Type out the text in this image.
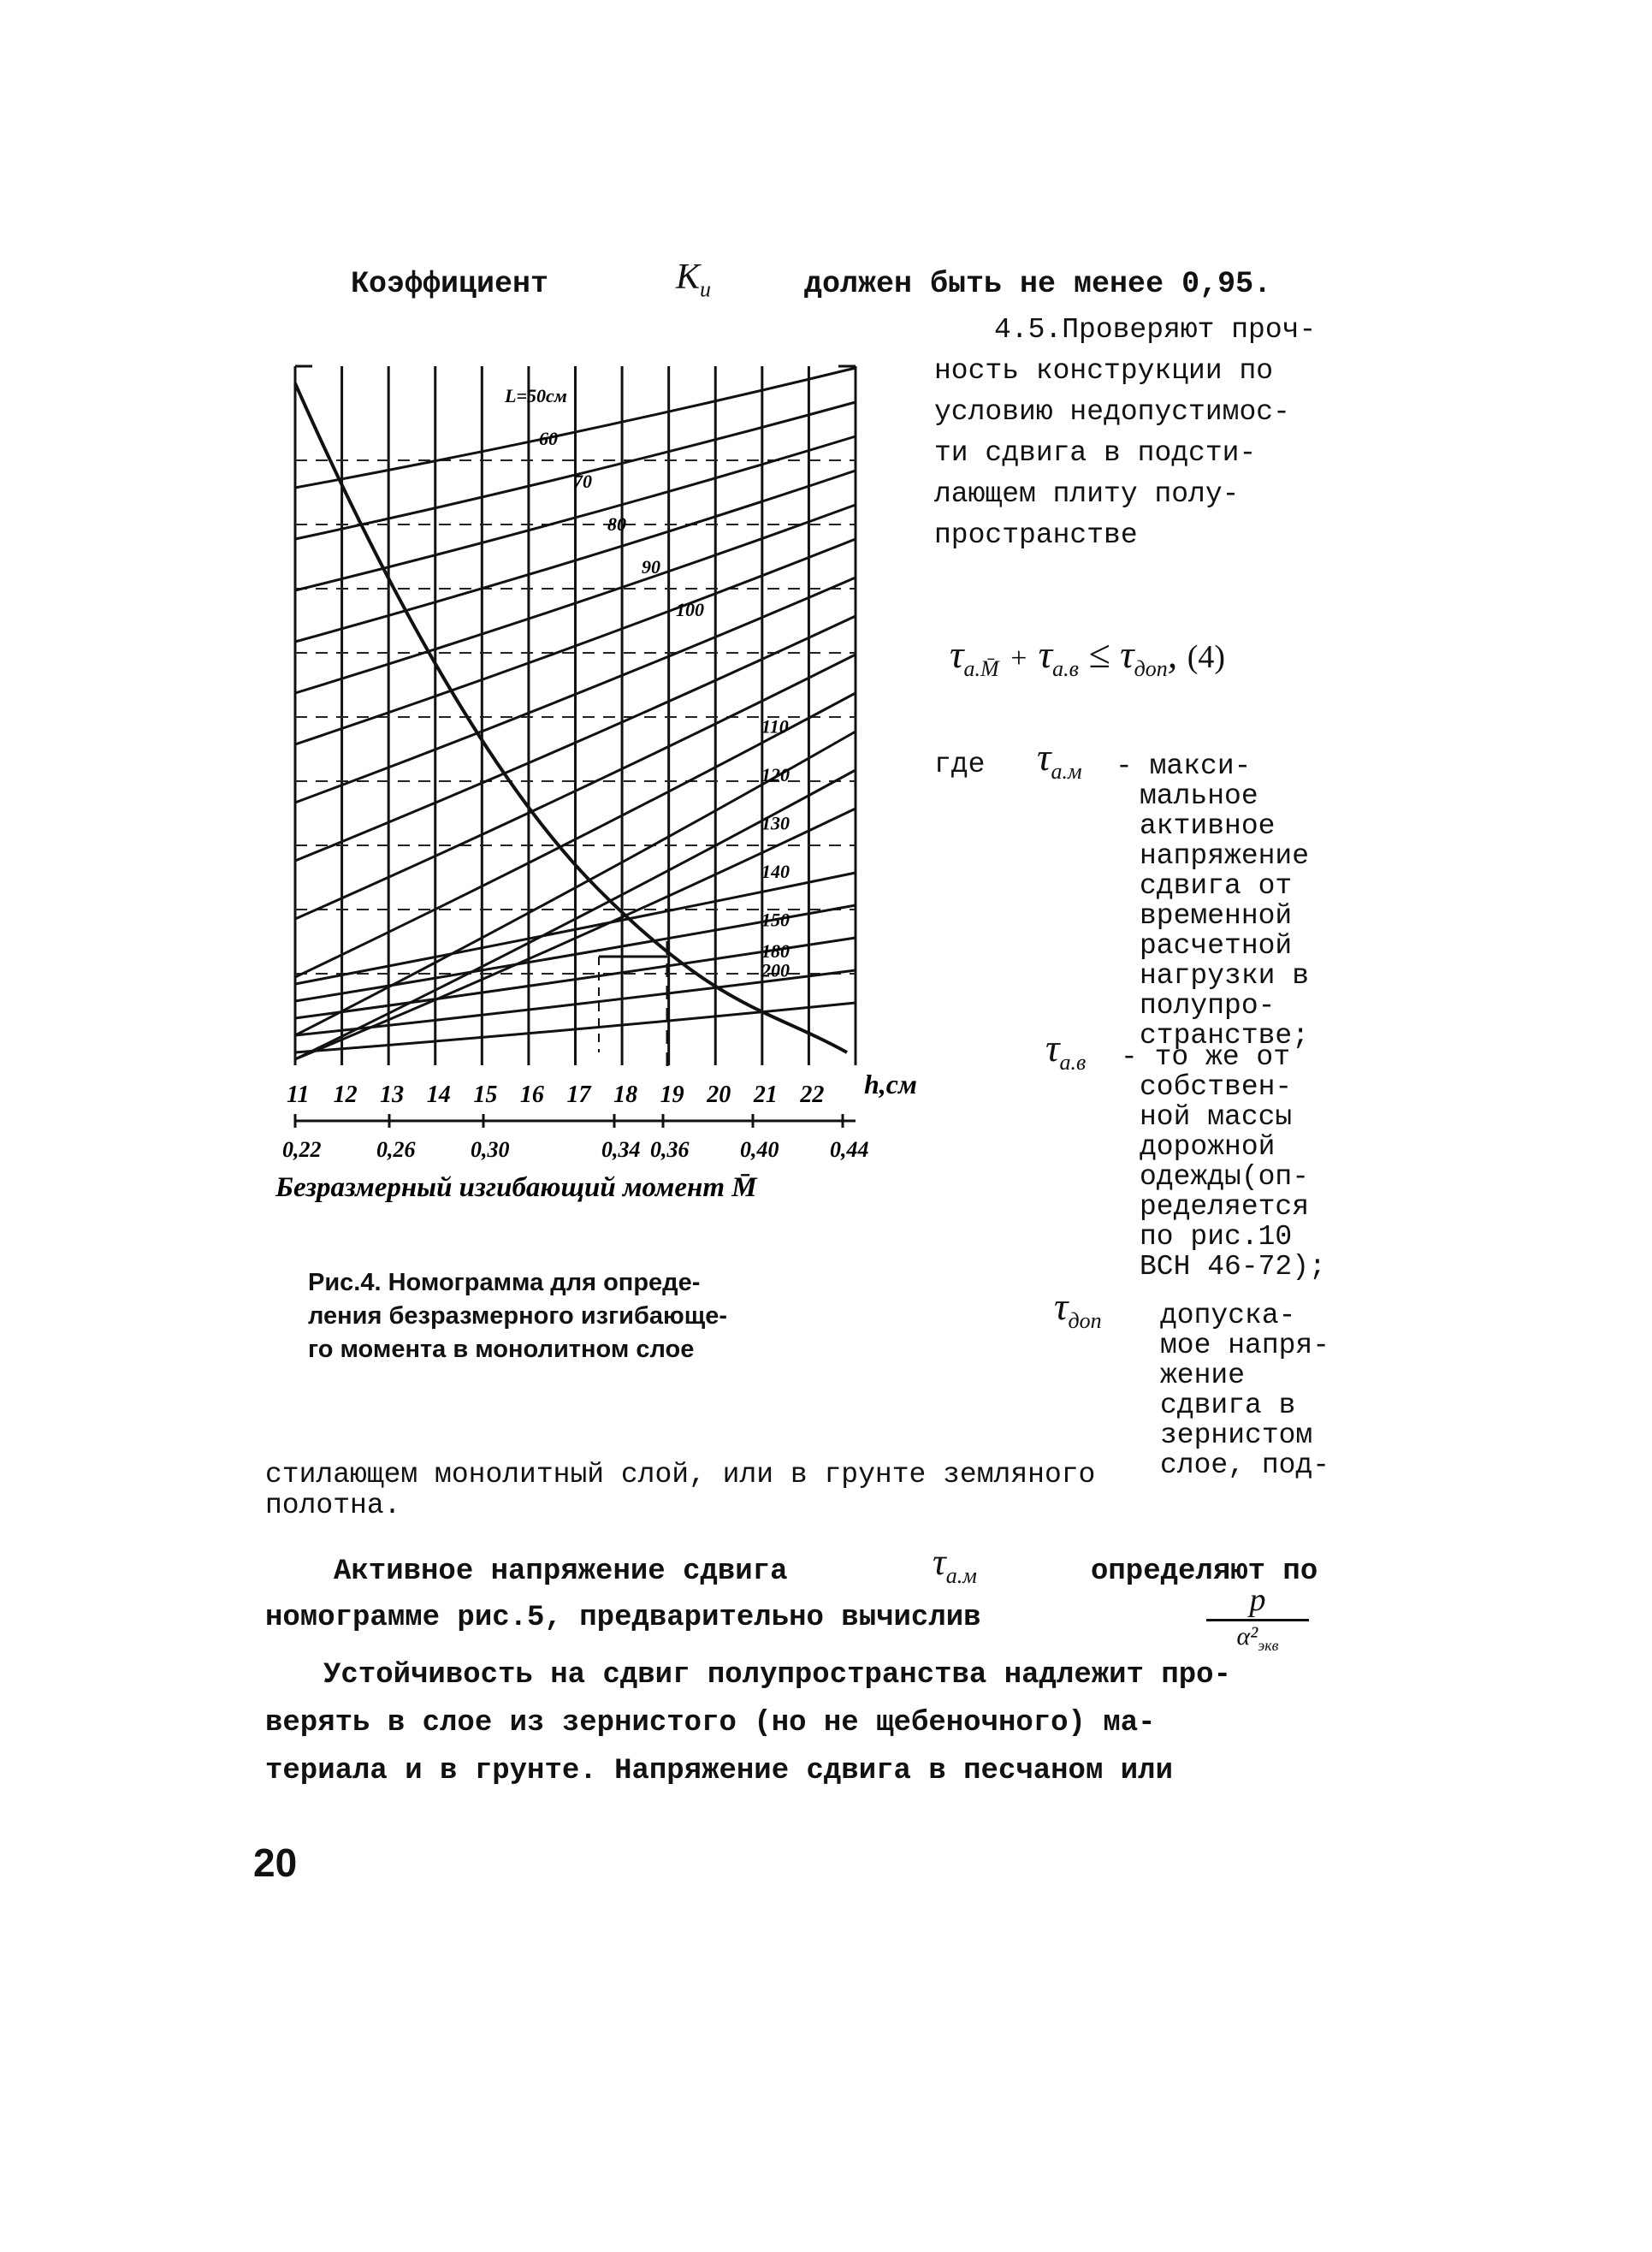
Коэффициент	$K_u$	должен быть не менее 0,95.
4.5.Проверяют проч-
ность конструкции по
условию недопустимос-
ти сдвига в подсти-
лающем плиту полу-
пространстве
$\tau_{a.M̄} + \tau_{a.в} \le \tau_{доп}$, (4)
где $\tau_{a.м}$ - макси-
мальное
активное
напряжение
сдвига от
временной
расчетной
нагрузки в
полупро-
странстве;
$\tau_{a.в}$ - то же от
собствен-
ной массы
дорожной
одежды(оп-
ределяется
по рис.10
ВСН 46-72);
$\tau_{доп}$ допуска-
мое напря-
жение
сдвига в
зернистом
слое, под-
стилающем монолитный слой, или в грунте земляного
полотна.
Активное напряжение сдвига	$\tau_{a.м}$	определяют по
номограмме рис.5, предварительно вычислив	p
$\alpha^2_{экв}$
Устойчивость на сдвиг полупространства надлежит про-
верять в слое из зернистого (но не щебеночного) ма-
териала и в грунте. Напряжение сдвига в песчаном или
20
Рис.4. Номограмма для опреде-
ления безразмерного изгибающе-
го момента в монолитном слое
11 12 13 14 15 16 17 18 19 20 21 22
0,22 0,26 0,30	0,34 0,36 0,40 0,44
L=50см
60
70
80
90
100
110
120
130
140
150
180
200
h,см
Безразмерный изгибающий момент M̄
